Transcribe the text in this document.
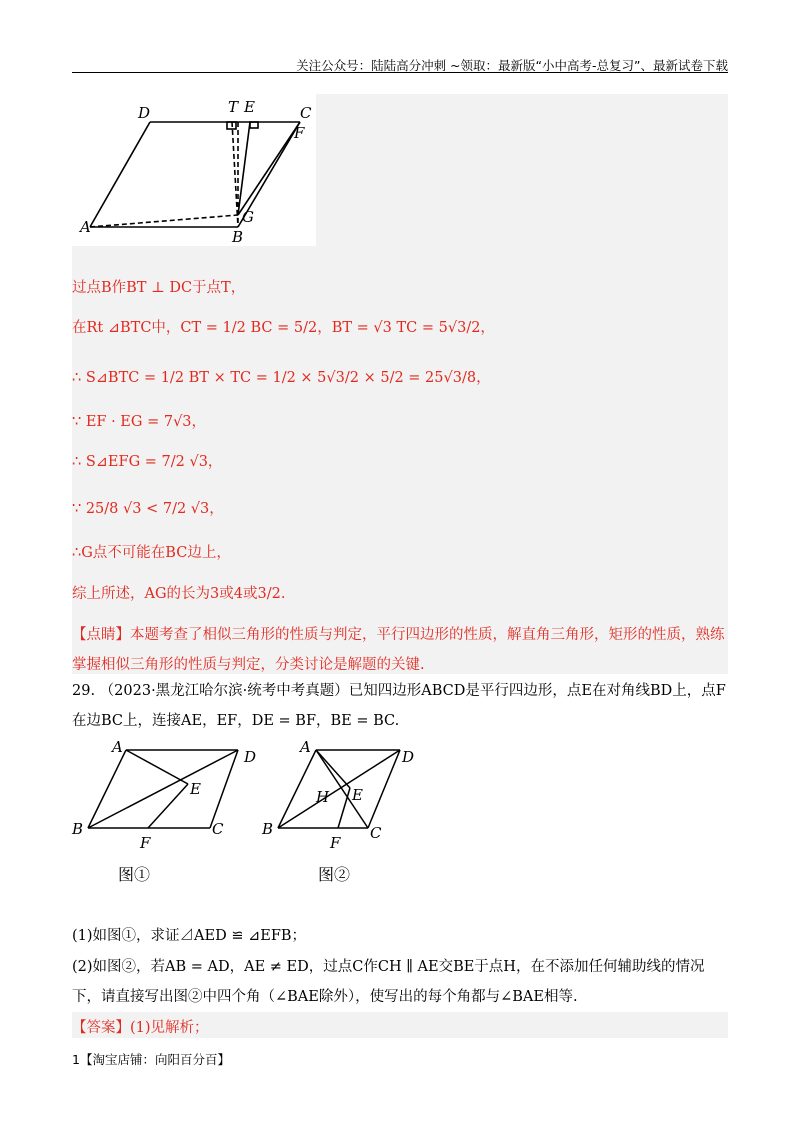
关注公众号：陆陆高分冲刺 ~领取：最新版“小中高考-总复习”、最新试卷下载
D	T E	C
F
A
G
B
过点B作BT ⊥ DC于点T，
在Rt ⊿BTC中，CT = 1/2 BC = 5/2，BT = √3 TC = 5√3/2，
∴ S⊿BTC = 1/2 BT × TC = 1/2 × 5√3/2 × 5/2 = 25√3/8，
∵ EF · EG = 7√3，
∴ S⊿EFG = 7/2 √3，
∵ 25/8 √3 < 7/2 √3，
∴G点不可能在BC边上，
综上所述，AG的长为3或4或3/2.
【点睛】本题考查了相似三角形的性质与判定，平行四边形的性质，解直角三角形，矩形的性质，熟练掌握相似三角形的性质与判定，分类讨论是解题的关键.
29. （2023·黑龙江哈尔滨·统考中考真题）已知四边形ABCD是平行四边形，点E在对角线BD上，点F在边BC上，连接AE，EF，DE = BF，BE = BC.
A
D
E
B
F
C
A
D
H E
B
F
C
图①	图②
(1)如图①，求证⊿AED ≌ ⊿EFB；
(2)如图②，若AB = AD，AE ≠ ED，过点C作CH ∥ AE交BE于点H，在不添加任何辅助线的情况下，请直接写出图②中四个角（∠BAE除外），使写出的每个角都与∠BAE相等.
【答案】(1)见解析；
1【淘宝店铺：向阳百分百】
